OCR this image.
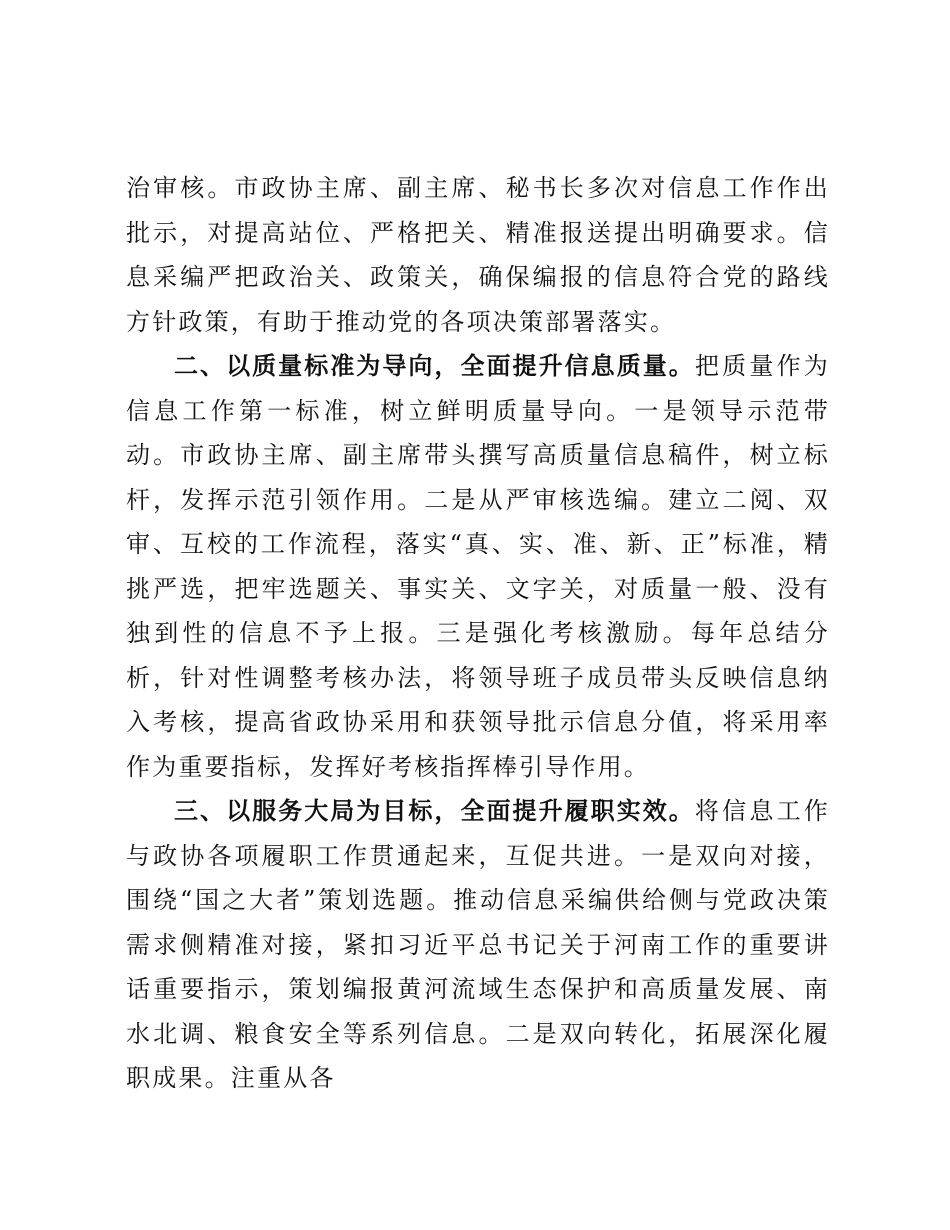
治审核。市政协主席、副主席、秘书长多次对信息工作作出批示，对提高站位、严格把关、精准报送提出明确要求。信息采编严把政治关、政策关，确保编报的信息符合党的路线方针政策，有助于推动党的各项决策部署落实。

二、以质量标准为导向，全面提升信息质量。把质量作为信息工作第一标准，树立鲜明质量导向。一是领导示范带动。市政协主席、副主席带头撰写高质量信息稿件，树立标杆，发挥示范引领作用。二是从严审核选编。建立二阅、双审、互校的工作流程，落实“真、实、准、新、正”标准，精挑严选，把牢选题关、事实关、文字关，对质量一般、没有独到性的信息不予上报。三是强化考核激励。每年总结分析，针对性调整考核办法，将领导班子成员带头反映信息纳入考核，提高省政协采用和获领导批示信息分值，将采用率作为重要指标，发挥好考核指挥棒引导作用。

三、以服务大局为目标，全面提升履职实效。将信息工作与政协各项履职工作贯通起来，互促共进。一是双向对接，围绕“国之大者”策划选题。推动信息采编供给侧与党政决策需求侧精准对接，紧扣习近平总书记关于河南工作的重要讲话重要指示，策划编报黄河流域生态保护和高质量发展、南水北调、粮食安全等系列信息。二是双向转化，拓展深化履职成果。注重从各
